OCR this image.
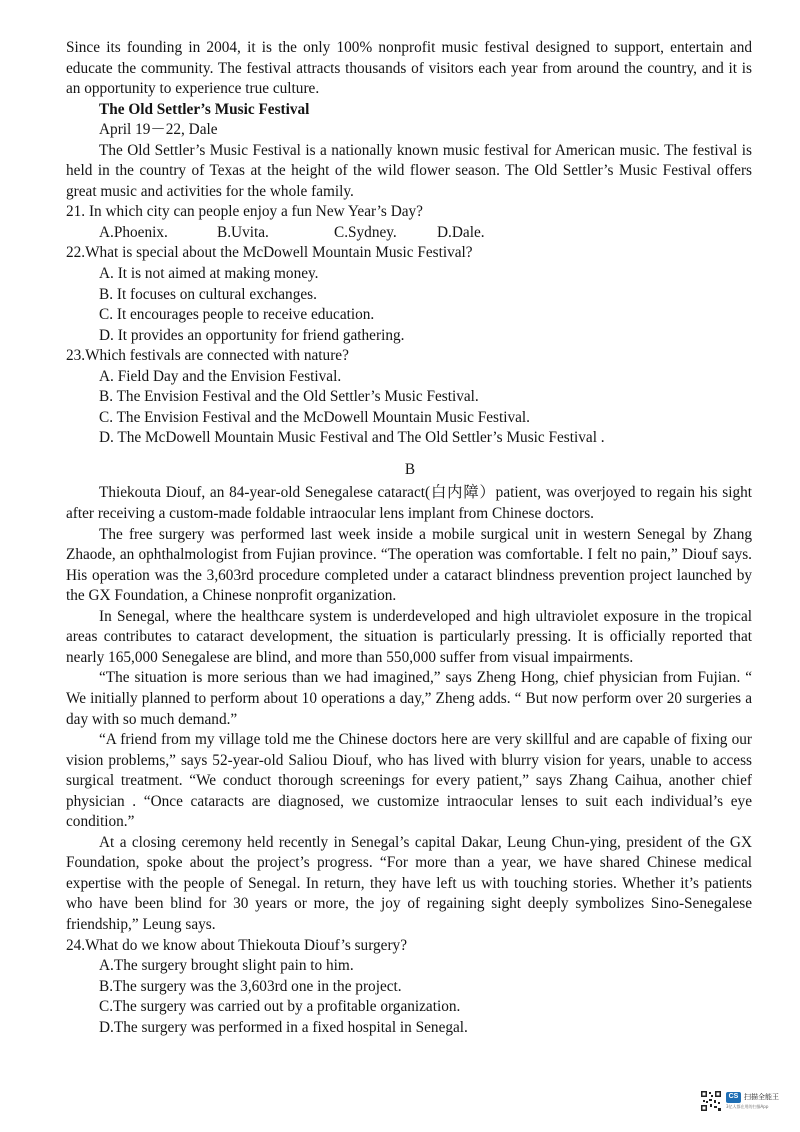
Since its founding in 2004, it is the only 100% nonprofit music festival designed to support, entertain and educate the community. The festival attracts thousands of visitors each year from around the country, and it is an opportunity to experience true culture.

The Old Settler’s Music Festival

April 19－22, Dale

The Old Settler’s Music Festival is a nationally known music festival for American music. The festival is held in the country of Texas at the height of the wild flower season. The Old Settler’s Music Festival offers great music and activities for the whole family.

21. In which city can people enjoy a fun New Year’s Day?

A.Phoenix.	B.Uvita.	C.Sydney.	D.Dale.

22.What is special about the McDowell Mountain Music Festival?

A. It is not aimed at making money.

B. It focuses on cultural exchanges.

C. It encourages people to receive education.

D. It provides an opportunity for friend gathering.

23.Which festivals are connected with nature?

A. Field Day and the Envision Festival.

B. The Envision Festival and the Old Settler’s Music Festival.

C. The Envision Festival and the McDowell Mountain Music Festival.

D. The McDowell Mountain Music Festival and The Old Settler’s Music Festival .

B

Thiekouta Diouf, an 84-year-old Senegalese cataract(白内障）patient, was overjoyed to regain his sight after receiving a custom-made foldable intraocular lens implant from Chinese doctors.

The free surgery was performed last week inside a mobile surgical unit in western Senegal by Zhang Zhaode, an ophthalmologist from Fujian province. “The operation was comfortable. I felt no pain,” Diouf says. His operation was the 3,603rd procedure completed under a cataract blindness prevention project launched by the GX Foundation, a Chinese nonprofit organization.

In Senegal, where the healthcare system is underdeveloped and high ultraviolet exposure in the tropical areas contributes to cataract development, the situation is particularly pressing. It is officially reported that nearly 165,000 Senegalese are blind, and more than 550,000 suffer from visual impairments.

“The situation is more serious than we had imagined,” says Zheng Hong, chief physician from Fujian. “ We initially planned to perform about 10 operations a day,” Zheng adds. “ But now perform over 20 surgeries a day with so much demand.”

“A friend from my village told me the Chinese doctors here are very skillful and are capable of fixing our vision problems,” says 52-year-old Saliou Diouf, who has lived with blurry vision for years, unable to access surgical treatment. “We conduct thorough screenings for every patient,” says Zhang Caihua, another chief physician . “Once cataracts are diagnosed, we customize intraocular lenses to suit each individual’s eye condition.”

At a closing ceremony held recently in Senegal’s capital Dakar, Leung Chun-ying, president of the GX Foundation, spoke about the project’s progress. “For more than a year, we have shared Chinese medical expertise with the people of Senegal. In return, they have left us with touching stories. Whether it’s patients who have been blind for 30 years or more, the joy of regaining sight deeply symbolizes Sino-Senegalese friendship,” Leung says.

24.What do we know about Thiekouta Diouf’s surgery?

A.The surgery brought slight pain to him.

B.The surgery was the 3,603rd one in the project.

C.The surgery was carried out by a profitable organization.

D.The surgery was performed in a fixed hospital in Senegal.

CS 扫描全能王
3亿人都在用的扫描App
